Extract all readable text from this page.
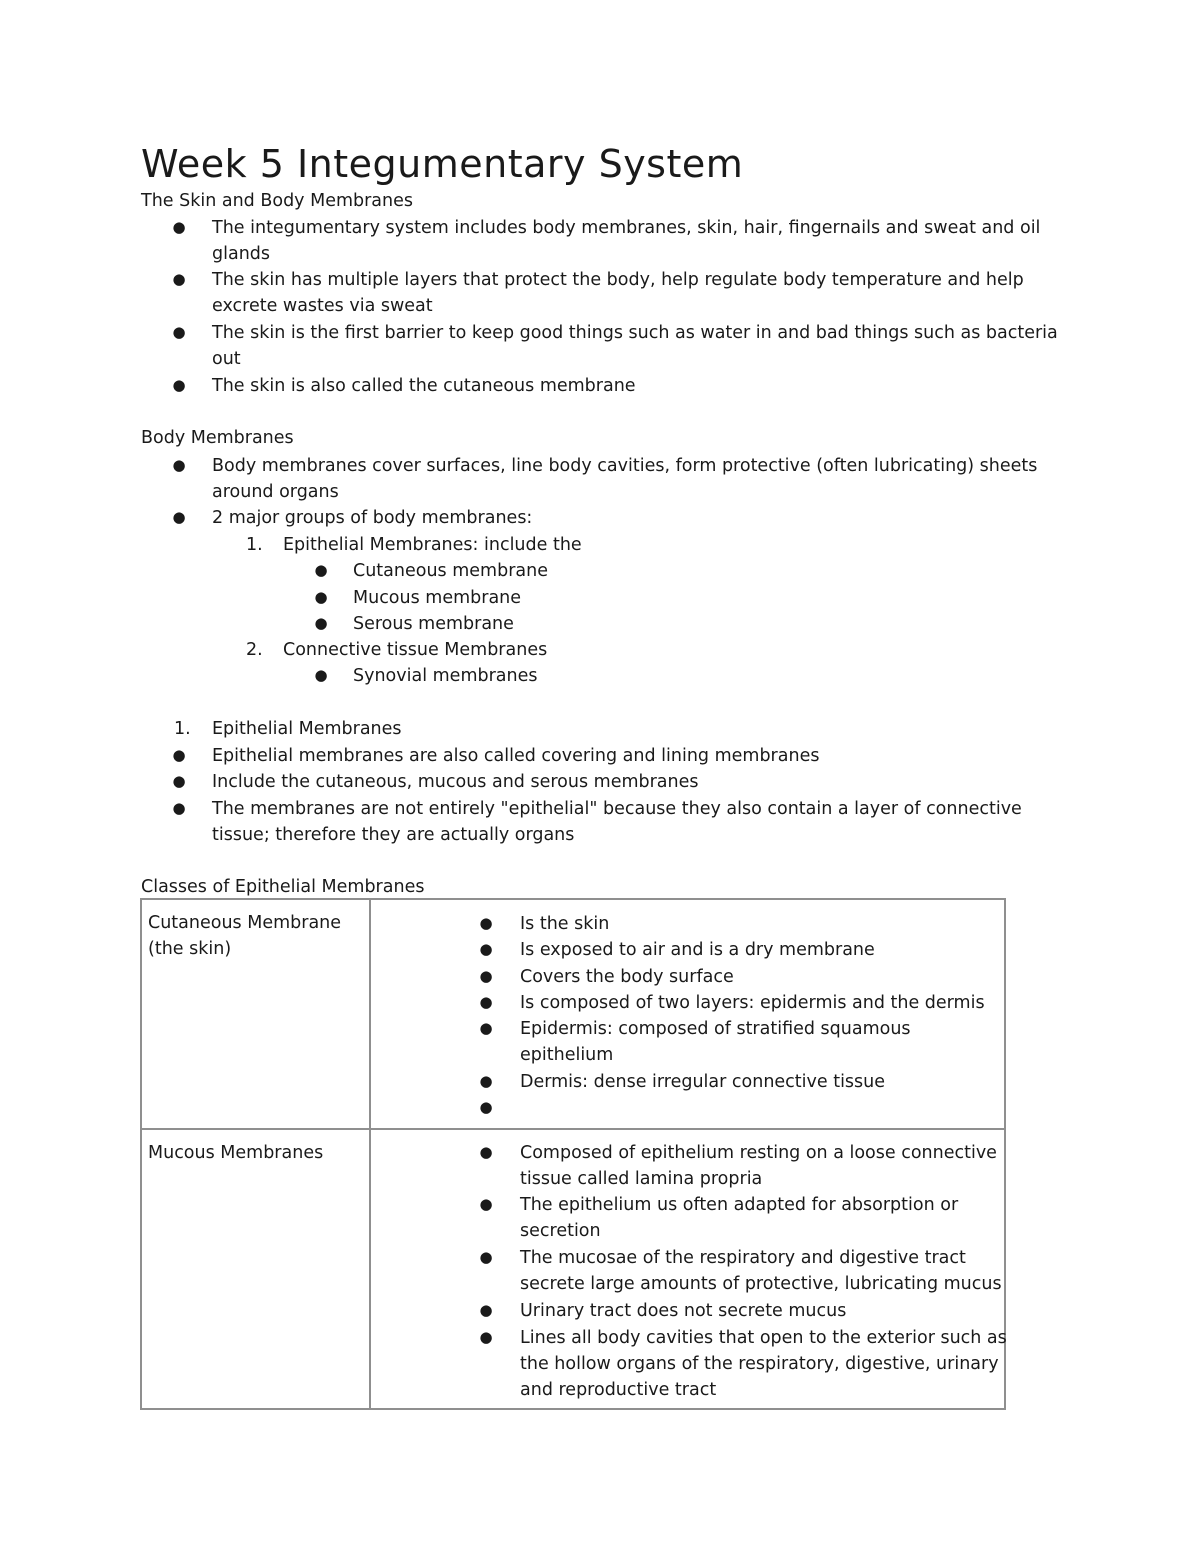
Week 5 Integumentary System

The Skin and Body Membranes

● The integumentary system includes body membranes, skin, hair, fingernails and sweat and oil

glands

● The skin has multiple layers that protect the body, help regulate body temperature and help

excrete wastes via sweat

● The skin is the first barrier to keep good things such as water in and bad things such as bacteria

out

● The skin is also called the cutaneous membrane

Body Membranes

● Body membranes cover surfaces, line body cavities, form protective (often lubricating) sheets

around organs

● 2 major groups of body membranes:

1. Epithelial Membranes: include the

● Cutaneous membrane

● Mucous membrane

● Serous membrane

2. Connective tissue Membranes

● Synovial membranes

1. Epithelial Membranes

● Epithelial membranes are also called covering and lining membranes

● Include the cutaneous, mucous and serous membranes

● The membranes are not entirely "epithelial" because they also contain a layer of connective

tissue; therefore they are actually organs

Classes of Epithelial Membranes

Cutaneous Membrane

(the skin)

● Is the skin

● Is exposed to air and is a dry membrane

● Covers the body surface

● Is composed of two layers: epidermis and the dermis

● Epidermis: composed of stratified squamous

epithelium

● Dermis: dense irregular connective tissue

●

Mucous Membranes	● Composed of epithelium resting on a loose connective

tissue called lamina propria

● The epithelium us often adapted for absorption or

secretion

● The mucosae of the respiratory and digestive tract

secrete large amounts of protective, lubricating mucus

● Urinary tract does not secrete mucus

● Lines all body cavities that open to the exterior such as

the hollow organs of the respiratory, digestive, urinary

and reproductive tract
